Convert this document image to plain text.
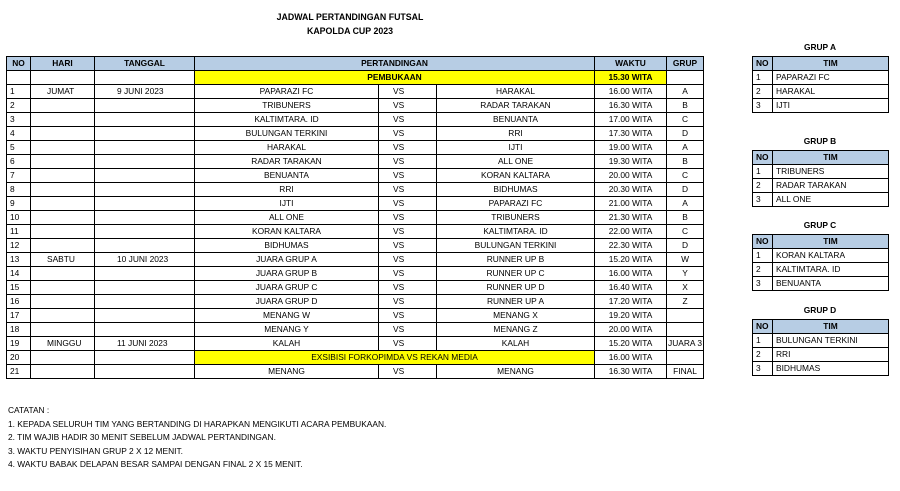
JADWAL PERTANDINGAN FUTSAL
KAPOLDA CUP 2023
NO	HARI	TANGGAL	PERTANDINGAN			WAKTU	GRUP
			PEMBUKAAN			15.30 WITA	
1	JUMAT	9 JUNI 2023	PAPARAZI FC	VS	HARAKAL	16.00 WITA	A
2			TRIBUNERS	VS	RADAR TARAKAN	16.30 WITA	B
3			KALTIMTARA. ID	VS	BENUANTA	17.00 WITA	C
4			BULUNGAN TERKINI	VS	RRI	17.30 WITA	D
5			HARAKAL	VS	IJTI	19.00 WITA	A
6			RADAR TARAKAN	VS	ALL ONE	19.30 WITA	B
7			BENUANTA	VS	KORAN KALTARA	20.00 WITA	C
8			RRI	VS	BIDHUMAS	20.30 WITA	D
9			IJTI	VS	PAPARAZI FC	21.00 WITA	A
10			ALL ONE	VS	TRIBUNERS	21.30 WITA	B
11			KORAN KALTARA	VS	KALTIMTARA. ID	22.00 WITA	C
12			BIDHUMAS	VS	BULUNGAN TERKINI	22.30 WITA	D
13	SABTU	10 JUNI 2023	JUARA GRUP A	VS	RUNNER UP B	15.20 WITA	W
14			JUARA GRUP B	VS	RUNNER UP C	16.00 WITA	Y
15			JUARA GRUP C	VS	RUNNER UP D	16.40 WITA	X
16			JUARA GRUP D	VS	RUNNER UP A	17.20 WITA	Z
17			MENANG W	VS	MENANG X	19.20 WITA	
18			MENANG Y	VS	MENANG Z	20.00 WITA	
19	MINGGU	11 JUNI 2023	KALAH	VS	KALAH	15.20 WITA	JUARA 3
20			EXSIBISI FORKOPIMDA VS REKAN MEDIA			16.00 WITA	
21			MENANG	VS	MENANG	16.30 WITA	FINAL
GRUP A
NO	TIM
1	PAPARAZI FC
2	HARAKAL
3	IJTI
GRUP B
NO	TIM
1	TRIBUNERS
2	RADAR TARAKAN
3	ALL ONE
GRUP C
NO	TIM
1	KORAN KALTARA
2	KALTIMTARA. ID
3	BENUANTA
GRUP D
NO	TIM
1	BULUNGAN TERKINI
2	RRI
3	BIDHUMAS
CATATAN :
1. KEPADA SELURUH TIM YANG BERTANDING DI HARAPKAN MENGIKUTI ACARA PEMBUKAAN.
2. TIM WAJIB HADIR 30 MENIT SEBELUM JADWAL PERTANDINGAN.
3. WAKTU PENYISIHAN GRUP 2 X 12 MENIT.
4. WAKTU BABAK DELAPAN BESAR SAMPAI DENGAN FINAL 2 X 15 MENIT.
